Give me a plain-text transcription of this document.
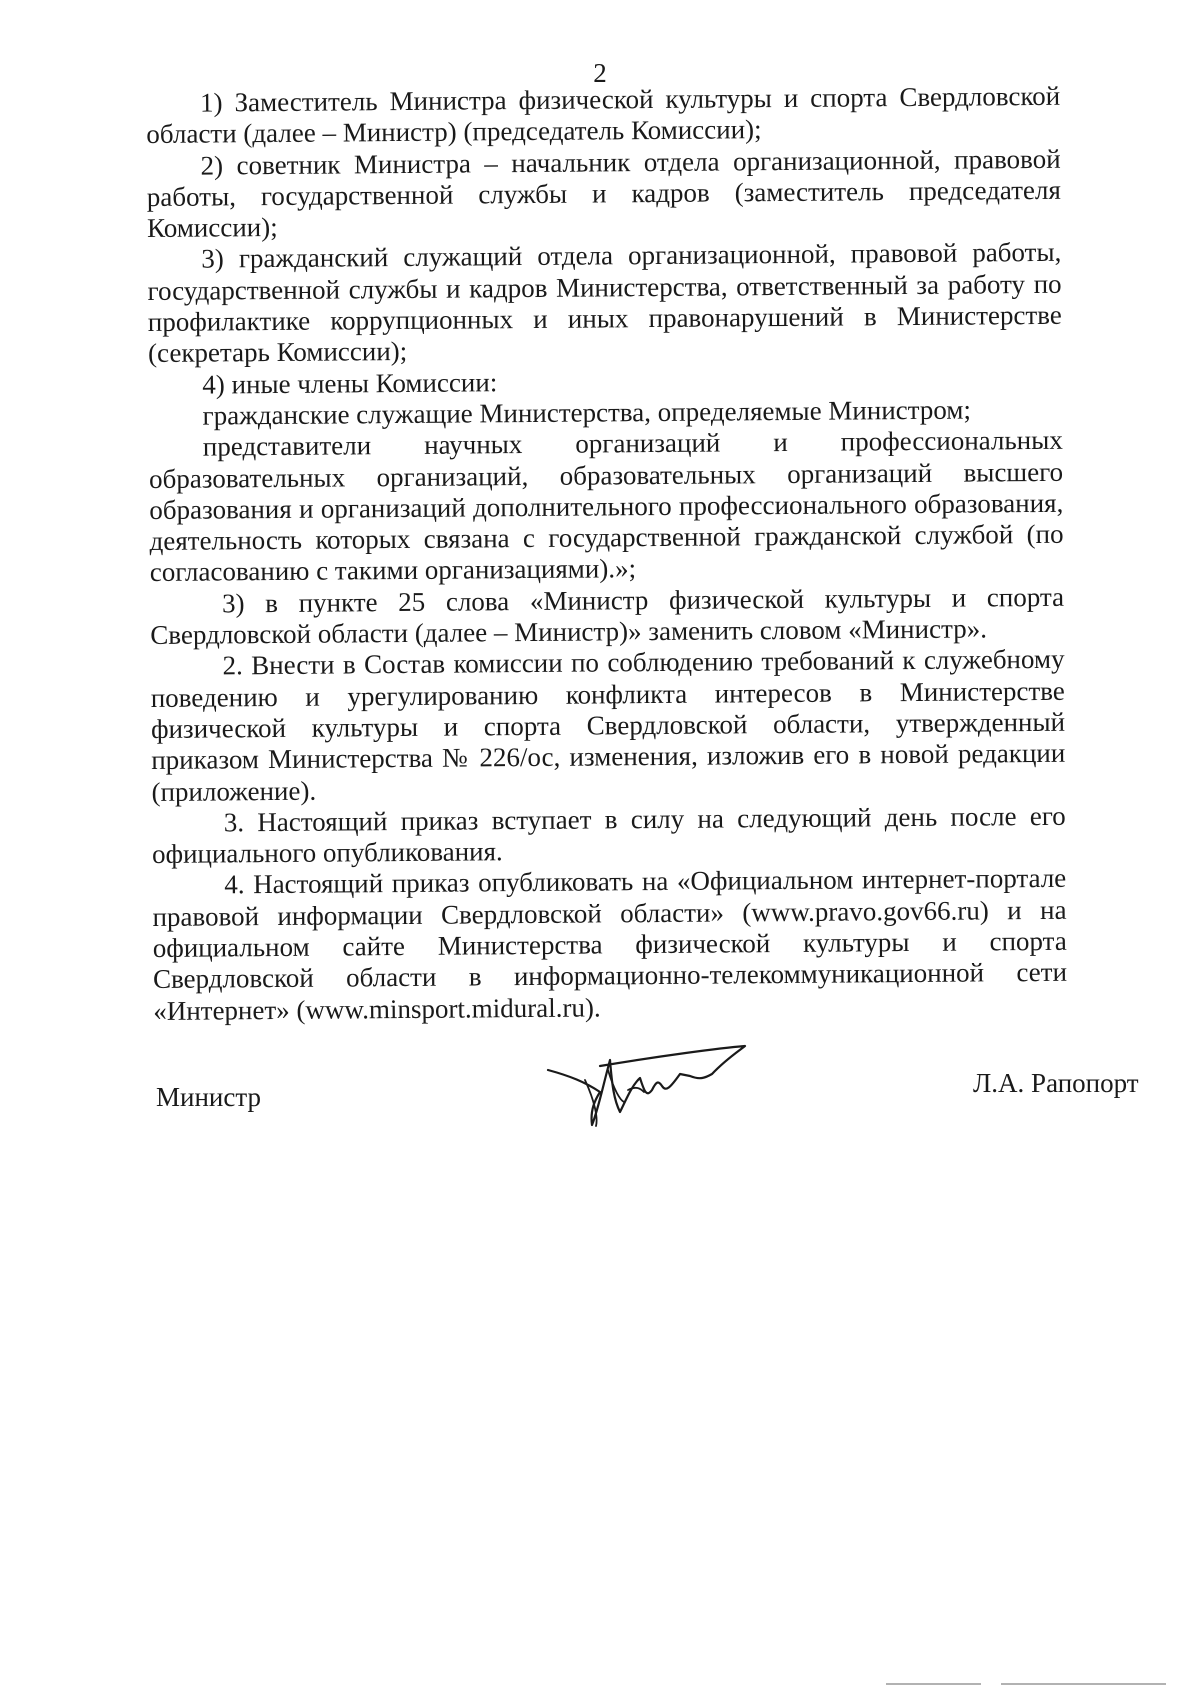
2

1) Заместитель Министра физической культуры и спорта Свердловской области (далее – Министр) (председатель Комиссии);

2) советник Министра – начальник отдела организационной, правовой работы, государственной службы и кадров (заместитель председателя Комиссии);

3) гражданский служащий отдела организационной, правовой работы, государственной службы и кадров Министерства, ответственный за работу по профилактике коррупционных и иных правонарушений в Министерстве (секретарь Комиссии);

4) иные члены Комиссии:

гражданские служащие Министерства, определяемые Министром;

представители научных организаций и профессиональных образовательных организаций, образовательных организаций высшего образования и организаций дополнительного профессионального образования, деятельность которых связана с государственной гражданской службой (по согласованию с такими организациями).»;

3) в пункте 25 слова «Министр физической культуры и спорта Свердловской области (далее – Министр)» заменить словом «Министр».

2. Внести в Состав комиссии по соблюдению требований к служебному поведению и урегулированию конфликта интересов в Министерстве физической культуры и спорта Свердловской области, утвержденный приказом Министерства № 226/ос, изменения, изложив его в новой редакции (приложение).

3. Настоящий приказ вступает в силу на следующий день после его официального опубликования.

4. Настоящий приказ опубликовать на «Официальном интернет-портале правовой информации Свердловской области» (www.pravo.gov66.ru) и на официальном сайте Министерства физической культуры и спорта Свердловской области в информационно-телекоммуникационной сети «Интернет» (www.minsport.midural.ru).

Министр	Л.А. Рапопорт
